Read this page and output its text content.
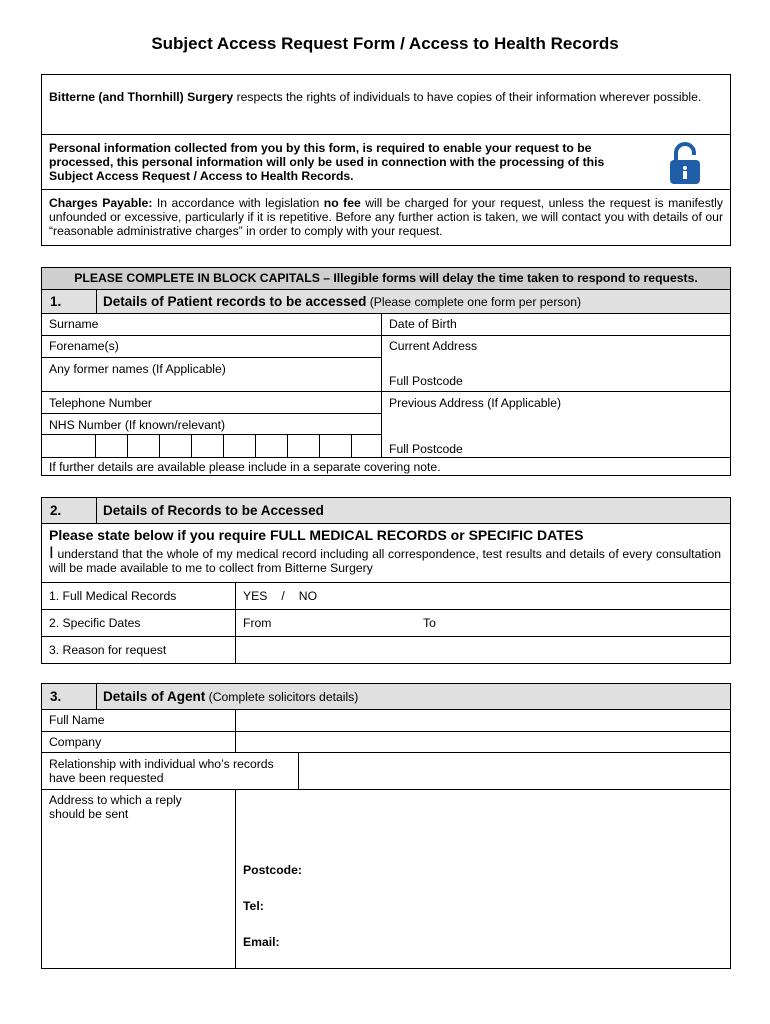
Subject Access Request Form / Access to Health Records
Bitterne (and Thornhill) Surgery respects the rights of individuals to have copies of their information wherever possible.
Personal information collected from you by this form, is required to enable your request to be processed, this personal information will only be used in connection with the processing of this Subject Access Request / Access to Health Records.
Charges Payable: In accordance with legislation no fee will be charged for your request, unless the request is manifestly unfounded or excessive, particularly if it is repetitive. Before any further action is taken, we will contact you with details of our “reasonable administrative charges” in order to comply with your request.
PLEASE COMPLETE IN BLOCK CAPITALS – Illegible forms will delay the time taken to respond to requests.
1.	Details of Patient records to be accessed (Please complete one form per person)
Surname	Date of Birth
Forename(s)	Current Address
Any former names (If Applicable)
Full Postcode
Telephone Number	Previous Address (If Applicable)
NHS Number (If known/relevant)
Full Postcode
If further details are available please include in a separate covering note.
2.	Details of Records to be Accessed
Please state below if you require FULL MEDICAL RECORDS or SPECIFIC DATES
I understand that the whole of my medical record including all correspondence, test results and details of every consultation will be made available to me to collect from Bitterne Surgery
1. Full Medical Records	YES / NO
2. Specific Dates	From	To
3. Reason for request
3.	Details of Agent (Complete solicitors details)
Full Name
Company
Relationship with individual who’s records have been requested
Address to which a reply should be sent
Postcode:
Tel:
Email:
